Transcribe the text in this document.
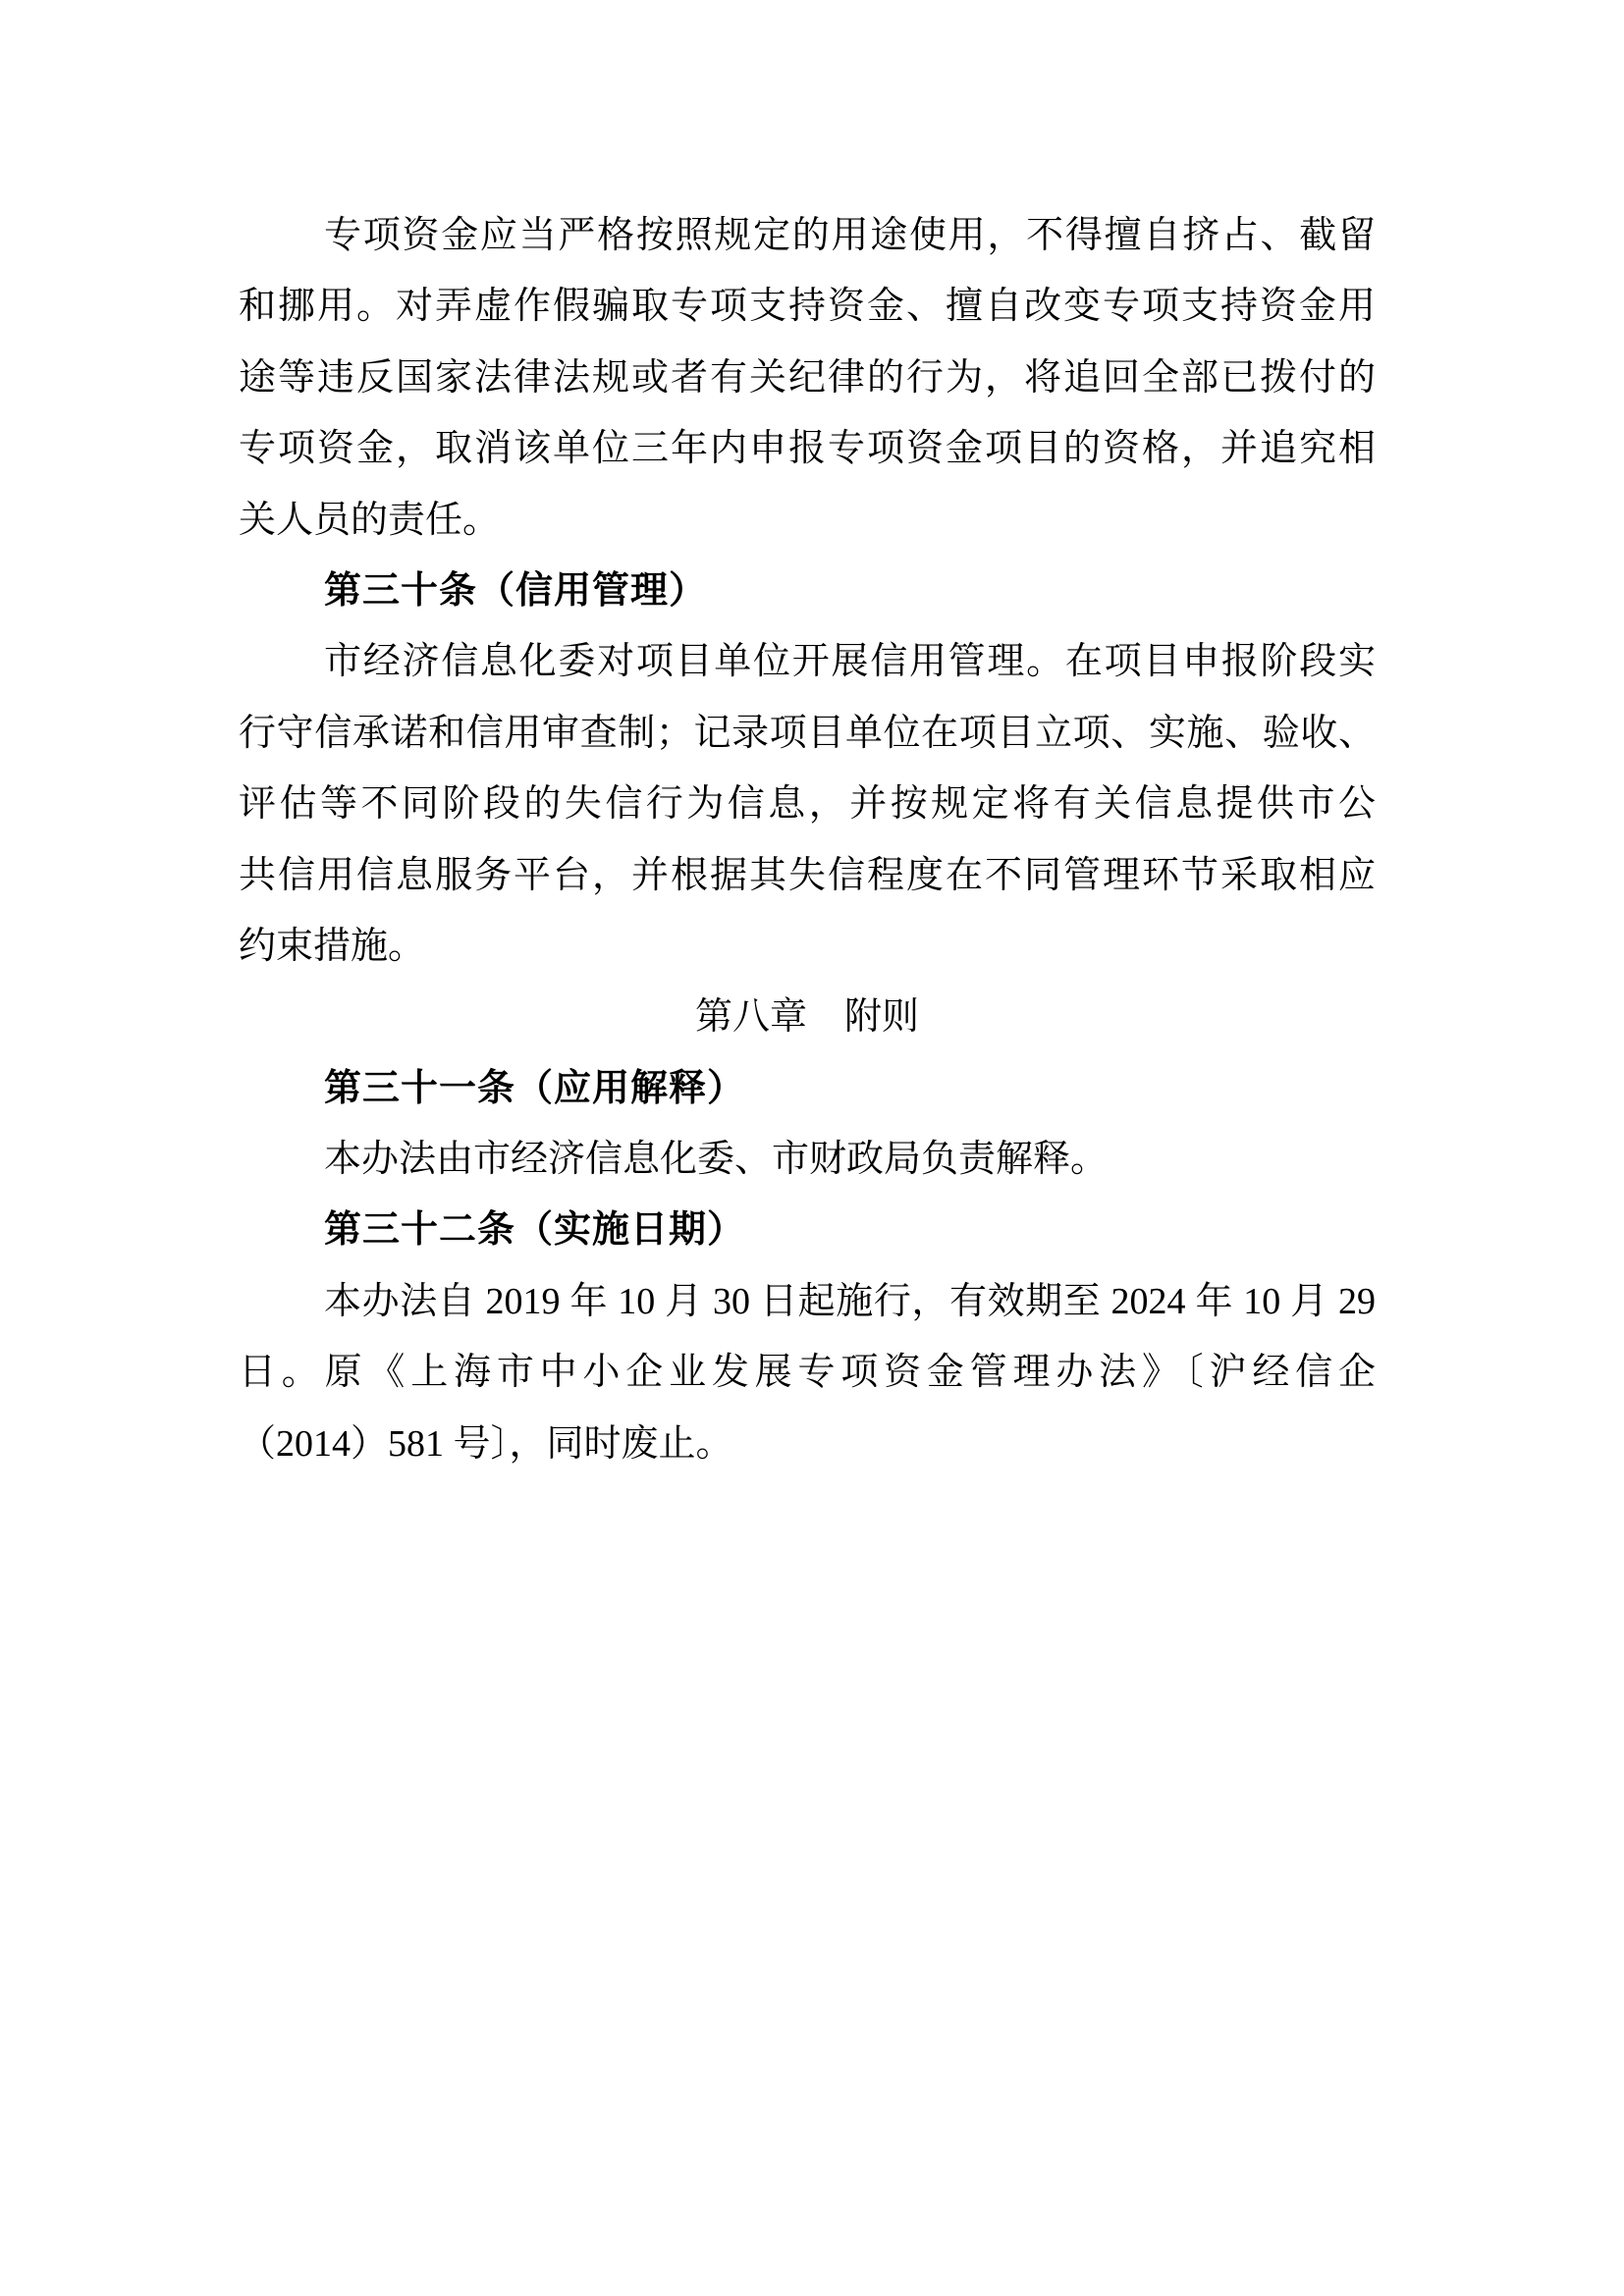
专项资金应当严格按照规定的用途使用，不得擅自挤占、截留
和挪用。对弄虚作假骗取专项支持资金、擅自改变专项支持资金用
途等违反国家法律法规或者有关纪律的行为，将追回全部已拨付的
专项资金，取消该单位三年内申报专项资金项目的资格，并追究相
关人员的责任。
第三十条（信用管理）
市经济信息化委对项目单位开展信用管理。在项目申报阶段实
行守信承诺和信用审查制；记录项目单位在项目立项、实施、验收、
评估等不同阶段的失信行为信息，并按规定将有关信息提供市公
共信用信息服务平台，并根据其失信程度在不同管理环节采取相应
约束措施。
第八章　附则
第三十一条（应用解释）
本办法由市经济信息化委、市财政局负责解释。
第三十二条（实施日期）
本办法自 2019 年 10 月 30 日起施行，有效期至 2024 年 10 月 29
日。原《上海市中小企业发展专项资金管理办法》〔沪经信企
（2014）581 号〕，同时废止。
